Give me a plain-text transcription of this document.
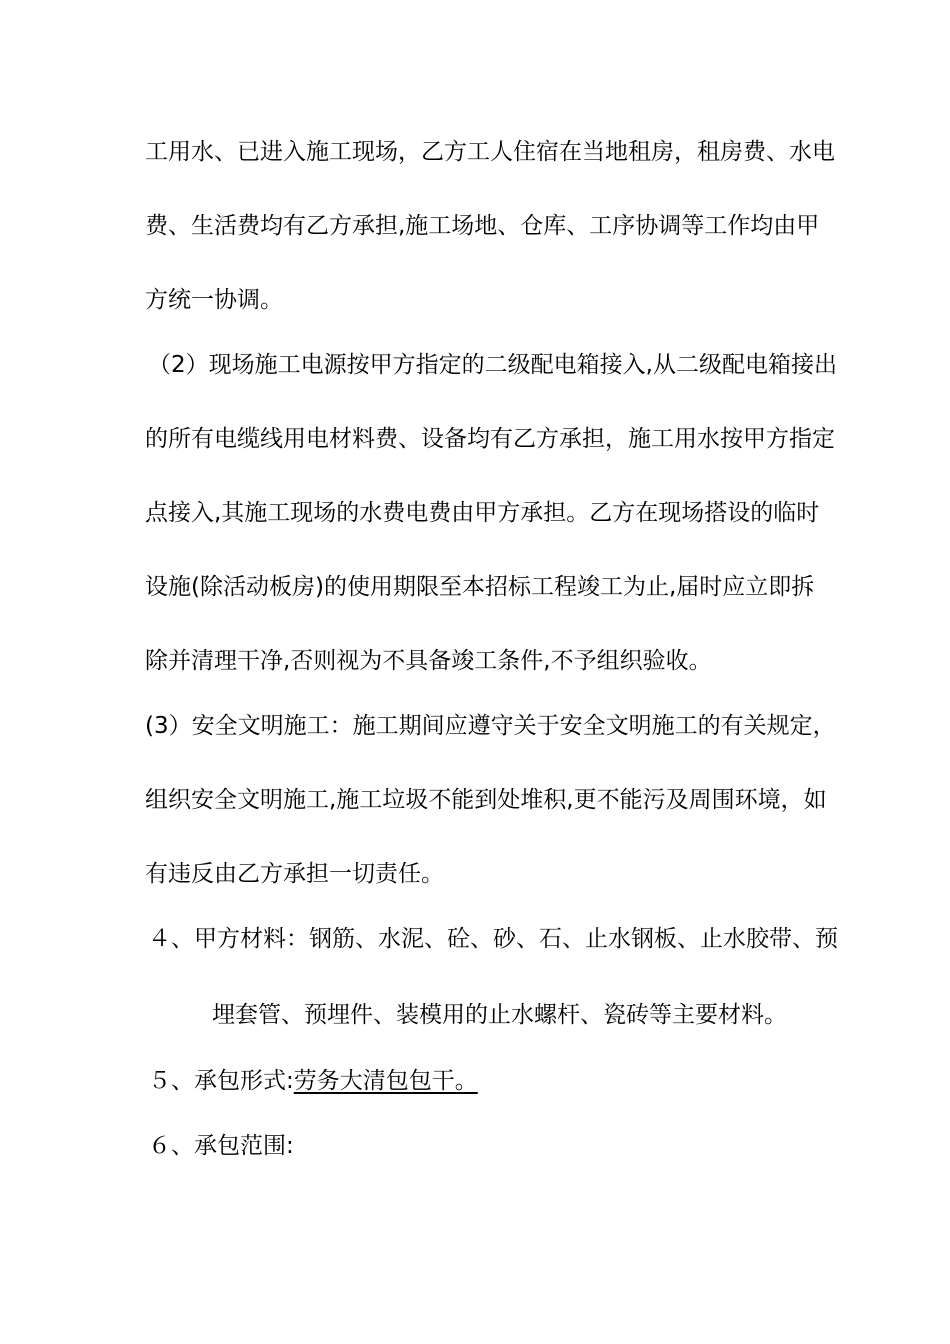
工用水、已进入施工现场，乙方工人住宿在当地租房，租房费、水电
费、生活费均有乙方承担,施工场地、仓库、工序协调等工作均由甲
方统一协调。
（2）现场施工电源按甲方指定的二级配电箱接入,从二级配电箱接出
的所有电缆线用电材料费、设备均有乙方承担，施工用水按甲方指定
点接入,其施工现场的水费电费由甲方承担。乙方在现场搭设的临时
设施(除活动板房)的使用期限至本招标工程竣工为止,届时应立即拆
除并清理干净,否则视为不具备竣工条件,不予组织验收。
(3）安全文明施工：施工期间应遵守关于安全文明施工的有关规定，
组织安全文明施工,施工垃圾不能到处堆积,更不能污及周围环境，如
有违反由乙方承担一切责任。
４、甲方材料：钢筋、水泥、砼、砂、石、止水钢板、止水胶带、预
埋套管、预埋件、装模用的止水螺杆、瓷砖等主要材料。
５、承包形式:劳务大清包包干。
６、承包范围:
